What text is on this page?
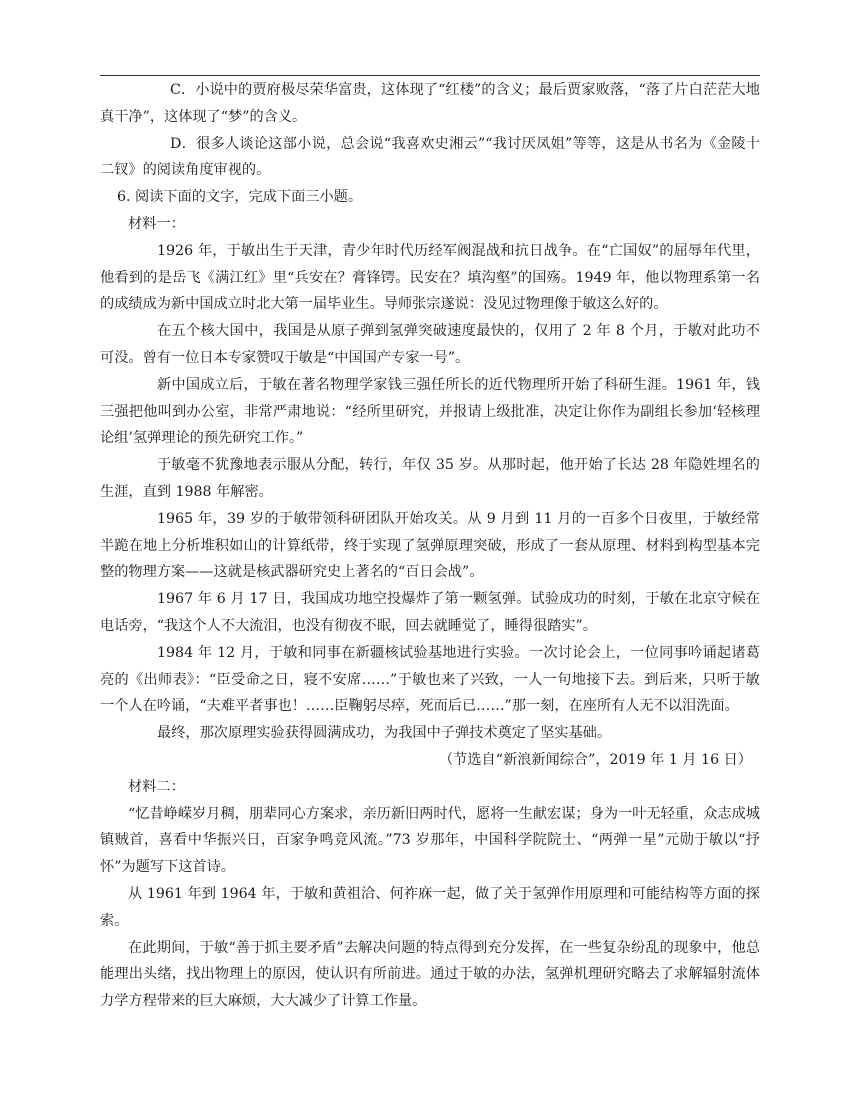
C．小说中的贾府极尽荣华富贵，这体现了“红楼”的含义；最后贾家败落，“落了片白茫茫大地真干净”，这体现了“梦”的含义。

D．很多人谈论这部小说，总会说“我喜欢史湘云”“我讨厌凤姐”等等，这是从书名为《金陵十二钗》的阅读角度审视的。

6. 阅读下面的文字，完成下面三小题。

材料一：

1926 年，于敏出生于天津，青少年时代历经军阀混战和抗日战争。在“亡国奴”的屈辱年代里，他看到的是岳飞《满江红》里“兵安在？膏锋锷。民安在？填沟壑”的国殇。1949 年，他以物理系第一名的成绩成为新中国成立时北大第一届毕业生。导师张宗遂说：没见过物理像于敏这么好的。

在五个核大国中，我国是从原子弹到氢弹突破速度最快的，仅用了 2 年 8 个月，于敏对此功不可没。曾有一位日本专家赞叹于敏是“中国国产专家一号”。

新中国成立后，于敏在著名物理学家钱三强任所长的近代物理所开始了科研生涯。1961 年，钱三强把他叫到办公室，非常严肃地说：“经所里研究，并报请上级批准，决定让你作为副组长参加‘轻核理论组’氢弹理论的预先研究工作。”

于敏毫不犹豫地表示服从分配，转行，年仅 35 岁。从那时起，他开始了长达 28 年隐姓埋名的生涯，直到 1988 年解密。

1965 年，39 岁的于敏带领科研团队开始攻关。从 9 月到 11 月的一百多个日夜里，于敏经常半跪在地上分析堆积如山的计算纸带，终于实现了氢弹原理突破，形成了一套从原理、材料到构型基本完整的物理方案——这就是核武器研究史上著名的“百日会战”。

1967 年 6 月 17 日，我国成功地空投爆炸了第一颗氢弹。试验成功的时刻，于敏在北京守候在电话旁，“我这个人不大流泪，也没有彻夜不眠，回去就睡觉了，睡得很踏实”。

1984 年 12 月，于敏和同事在新疆核试验基地进行实验。一次讨论会上，一位同事吟诵起诸葛亮的《出师表》：“臣受命之日，寝不安席……”于敏也来了兴致，一人一句地接下去。到后来，只听于敏一个人在吟诵，“夫难平者事也！……臣鞠躬尽瘁，死而后已……”那一刻，在座所有人无不以泪洗面。

最终，那次原理实验获得圆满成功，为我国中子弹技术奠定了坚实基础。

（节选自“新浪新闻综合”，2019 年 1 月 16 日）

材料二：

“忆昔峥嵘岁月稠，朋辈同心方案求，亲历新旧两时代，愿将一生献宏谋；身为一叶无轻重，众志成城镇贼首，喜看中华振兴日，百家争鸣竞风流。”73 岁那年，中国科学院院士、“两弹一星”元勋于敏以“抒怀”为题写下这首诗。

从 1961 年到 1964 年，于敏和黄祖洽、何祚庥一起，做了关于氢弹作用原理和可能结构等方面的探索。

在此期间，于敏“善于抓主要矛盾”去解决问题的特点得到充分发挥，在一些复杂纷乱的现象中，他总能理出头绪，找出物理上的原因，使认识有所前进。通过于敏的办法，氢弹机理研究略去了求解辐射流体力学方程带来的巨大麻烦，大大减少了计算工作量。
